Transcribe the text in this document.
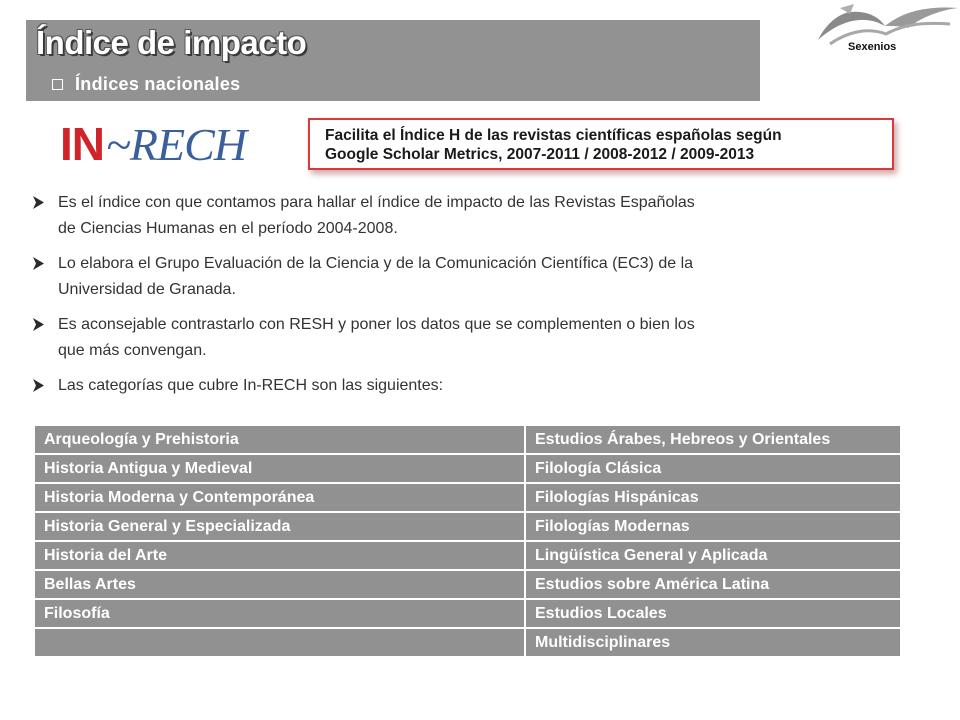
Índice de impacto
Índices nacionales
Sexenios
IN ~RECH	Facilita el Índice H de las revistas científicas españolas según
Google Scholar Metrics, 2007-2011 / 2008-2012 / 2009-2013
Es el índice con que contamos para hallar el índice de impacto de las Revistas Españolas
de Ciencias Humanas en el período 2004-2008.
Lo elabora el Grupo Evaluación de la Ciencia y de la Comunicación Científica (EC3) de la
Universidad de Granada.
Es aconsejable contrastarlo con RESH y poner los datos que se complementen o bien los
que más convengan.
Las categorías que cubre In-RECH son las siguientes:
Arqueología y Prehistoria	Estudios Árabes, Hebreos y Orientales
Historia Antigua y Medieval	Filología Clásica
Historia Moderna y Contemporánea	Filologías Hispánicas
Historia General y Especializada	Filologías Modernas
Historia del Arte	Lingüística General y Aplicada
Bellas Artes	Estudios sobre América Latina
Filosofía	Estudios Locales
	Multidisciplinares
